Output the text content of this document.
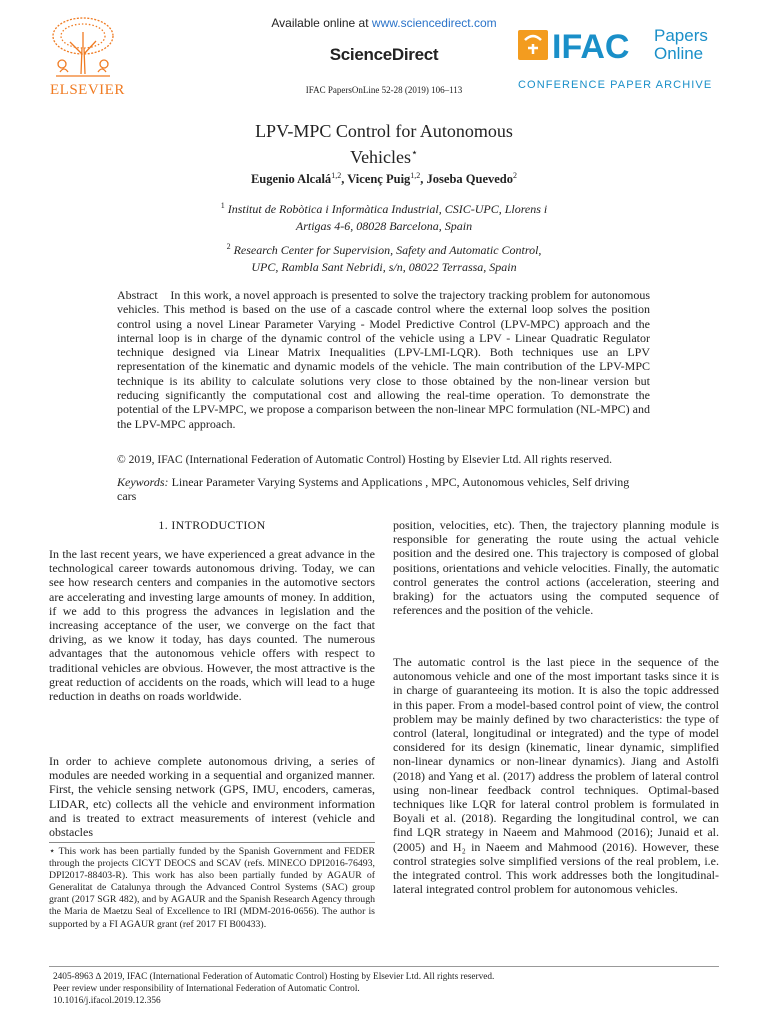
ELSEVIER
Available online at www.sciencedirect.com
ScienceDirect
IFAC PapersOnLine 52-28 (2019) 106–113
IFAC Papers
Online
CONFERENCE PAPER ARCHIVE
LPV-MPC Control for Autonomous
Vehicles⋆
Eugenio Alcalá$^{1,2}$, Vicenç Puig$^{1,2}$, Joseba Quevedo$^2$
$^1$ Institut de Robòtica i Informàtica Industrial, CSIC-UPC, Llorens i
Artigas 4-6, 08028 Barcelona, Spain
$^2$ Research Center for Supervision, Safety and Automatic Control,
UPC, Rambla Sant Nebridi, s/n, 08022 Terrassa, Spain
Abstract In this work, a novel approach is presented to solve the trajectory tracking problem for autonomous vehicles. This method is based on the use of a cascade control where the external loop solves the position control using a novel Linear Parameter Varying - Model Predictive Control (LPV-MPC) approach and the internal loop is in charge of the dynamic control of the vehicle using a LPV - Linear Quadratic Regulator technique designed via Linear Matrix Inequalities (LPV-LMI-LQR). Both techniques use an LPV representation of the kinematic and dynamic models of the vehicle. The main contribution of the LPV-MPC technique is its ability to calculate solutions very close to those obtained by the non-linear version but reducing significantly the computational cost and allowing the real-time operation. To demonstrate the potential of the LPV-MPC, we propose a comparison between the non-linear MPC formulation (NL-MPC) and the LPV-MPC approach.
© 2019, IFAC (International Federation of Automatic Control) Hosting by Elsevier Ltd. All rights reserved.
Keywords: Linear Parameter Varying Systems and Applications , MPC, Autonomous vehicles, Self driving cars
1. INTRODUCTION

In the last recent years, we have experienced a great advance in the technological career towards autonomous driving. Today, we can see how research centers and companies in the automotive sectors are accelerating and investing large amounts of money. In addition, if we add to this progress the advances in legislation and the increasing acceptance of the user, we converge on the fact that driving, as we know it today, has days counted. The numerous advantages that the autonomous vehicle offers with respect to traditional vehicles are obvious. However, the most attractive is the great reduction of accidents on the roads, which will lead to a huge reduction in deaths on roads worldwide.

In order to achieve complete autonomous driving, a series of modules are needed working in a sequential and organized manner. First, the vehicle sensing network (GPS, IMU, encoders, cameras, LIDAR, etc) collects all the vehicle and environment information and is treated to extract measurements of interest (vehicle and obstacles

⋆ This work has been partially funded by the Spanish Government and FEDER through the projects CICYT DEOCS and SCAV (refs. MINECO DPI2016-76493, DPI2017-88403-R). This work has also been partially funded by AGAUR of Generalitat de Catalunya through the Advanced Control Systems (SAC) group grant (2017 SGR 482), and by AGAUR and the Spanish Research Agency through the Maria de Maetzu Seal of Excellence to IRI (MDM-2016-0656). The author is supported by a FI AGAUR grant (ref 2017 FI B00433).

position, velocities, etc). Then, the trajectory planning module is responsible for generating the route using the actual vehicle position and the desired one. This trajectory is composed of global positions, orientations and vehicle velocities. Finally, the automatic control generates the control actions (acceleration, steering and braking) for the actuators using the computed sequence of references and the position of the vehicle.

The automatic control is the last piece in the sequence of the autonomous vehicle and one of the most important tasks since it is in charge of guaranteeing its motion. It is also the topic addressed in this paper. From a model-based control point of view, the control problem may be mainly defined by two characteristics: the type of control (lateral, longitudinal or integrated) and the type of model considered for its design (kinematic, linear dynamic, simplified non-linear dynamics or non-linear dynamics). Jiang and Astolfi (2018) and Yang et al. (2017) address the problem of lateral control using non-linear feedback control techniques. Optimal-based techniques like LQR for lateral control problem is formulated in Boyali et al. (2018). Regarding the longitudinal control, we can find LQR strategy in Naeem and Mahmood (2016); Junaid et al. (2005) and H₂ in Naeem and Mahmood (2016). However, these control strategies solve simplified versions of the real problem, i.e. the integrated control. This work addresses both the longitudinal-lateral integrated control problem for autonomous vehicles.

2405-8963 ∆ 2019, IFAC (International Federation of Automatic Control) Hosting by Elsevier Ltd. All rights reserved.
Peer review under responsibility of International Federation of Automatic Control.
10.1016/j.ifacol.2019.12.356
